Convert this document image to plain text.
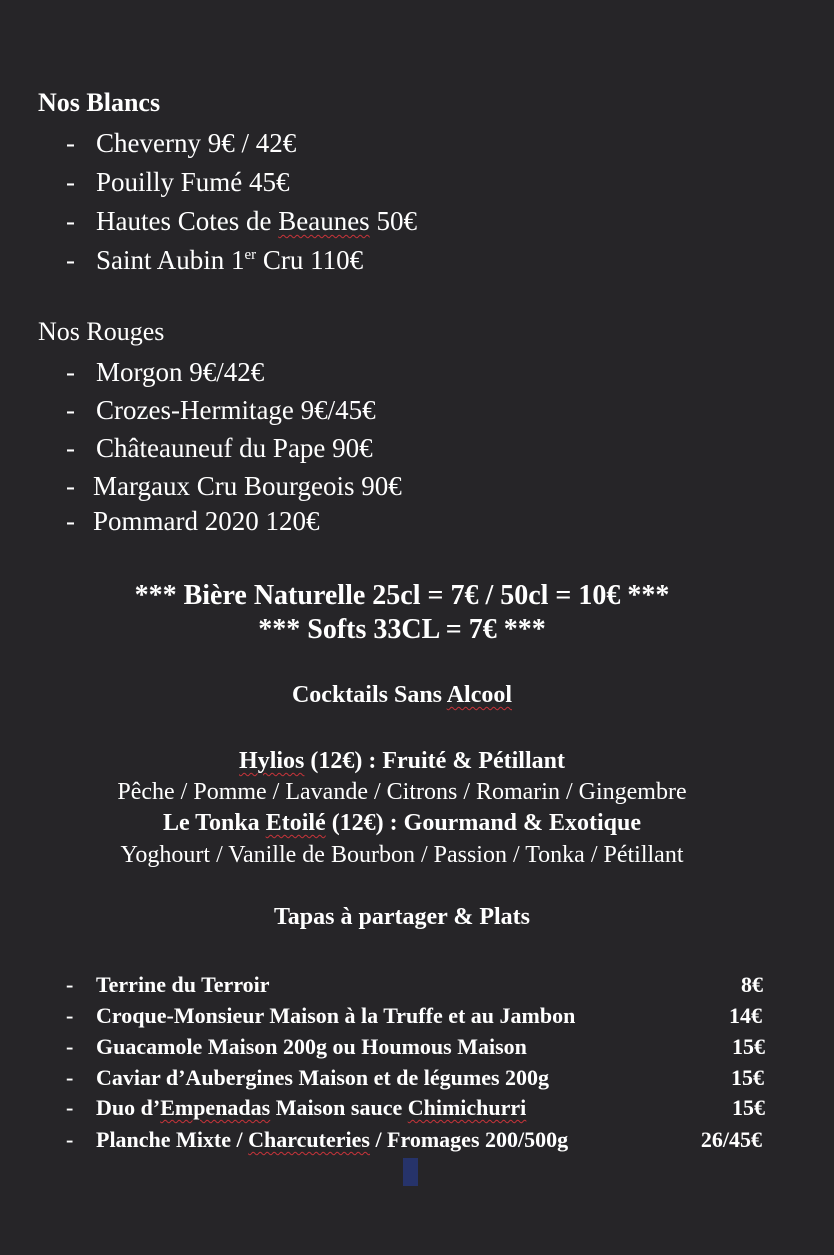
Nos Blancs
- Cheverny 9€ / 42€
- Pouilly Fumé 45€
- Hautes Cotes de Beaunes 50€
- Saint Aubin 1er Cru 110€
Nos Rouges
- Morgon 9€/42€
- Crozes-Hermitage 9€/45€
- Châteauneuf du Pape 90€
- Margaux Cru Bourgeois 90€
- Pommard 2020 120€
*** Bière Naturelle 25cl = 7€ / 50cl = 10€ ***
*** Softs 33CL = 7€ ***
Cocktails Sans Alcool
Hylios (12€) : Fruité & Pétillant
Pêche / Pomme / Lavande / Citrons / Romarin / Gingembre
Le Tonka Etoilé (12€) : Gourmand & Exotique
Yoghourt / Vanille de Bourbon / Passion / Tonka / Pétillant
Tapas à partager & Plats
- Terrine du Terroir	8€
- Croque-Monsieur Maison à la Truffe et au Jambon	14€
- Guacamole Maison 200g ou Houmous Maison	15€
- Caviar d’Aubergines Maison et de légumes 200g	15€
- Duo d’Empenadas Maison sauce Chimichurri	15€
- Planche Mixte / Charcuteries / Fromages 200/500g	26/45€
